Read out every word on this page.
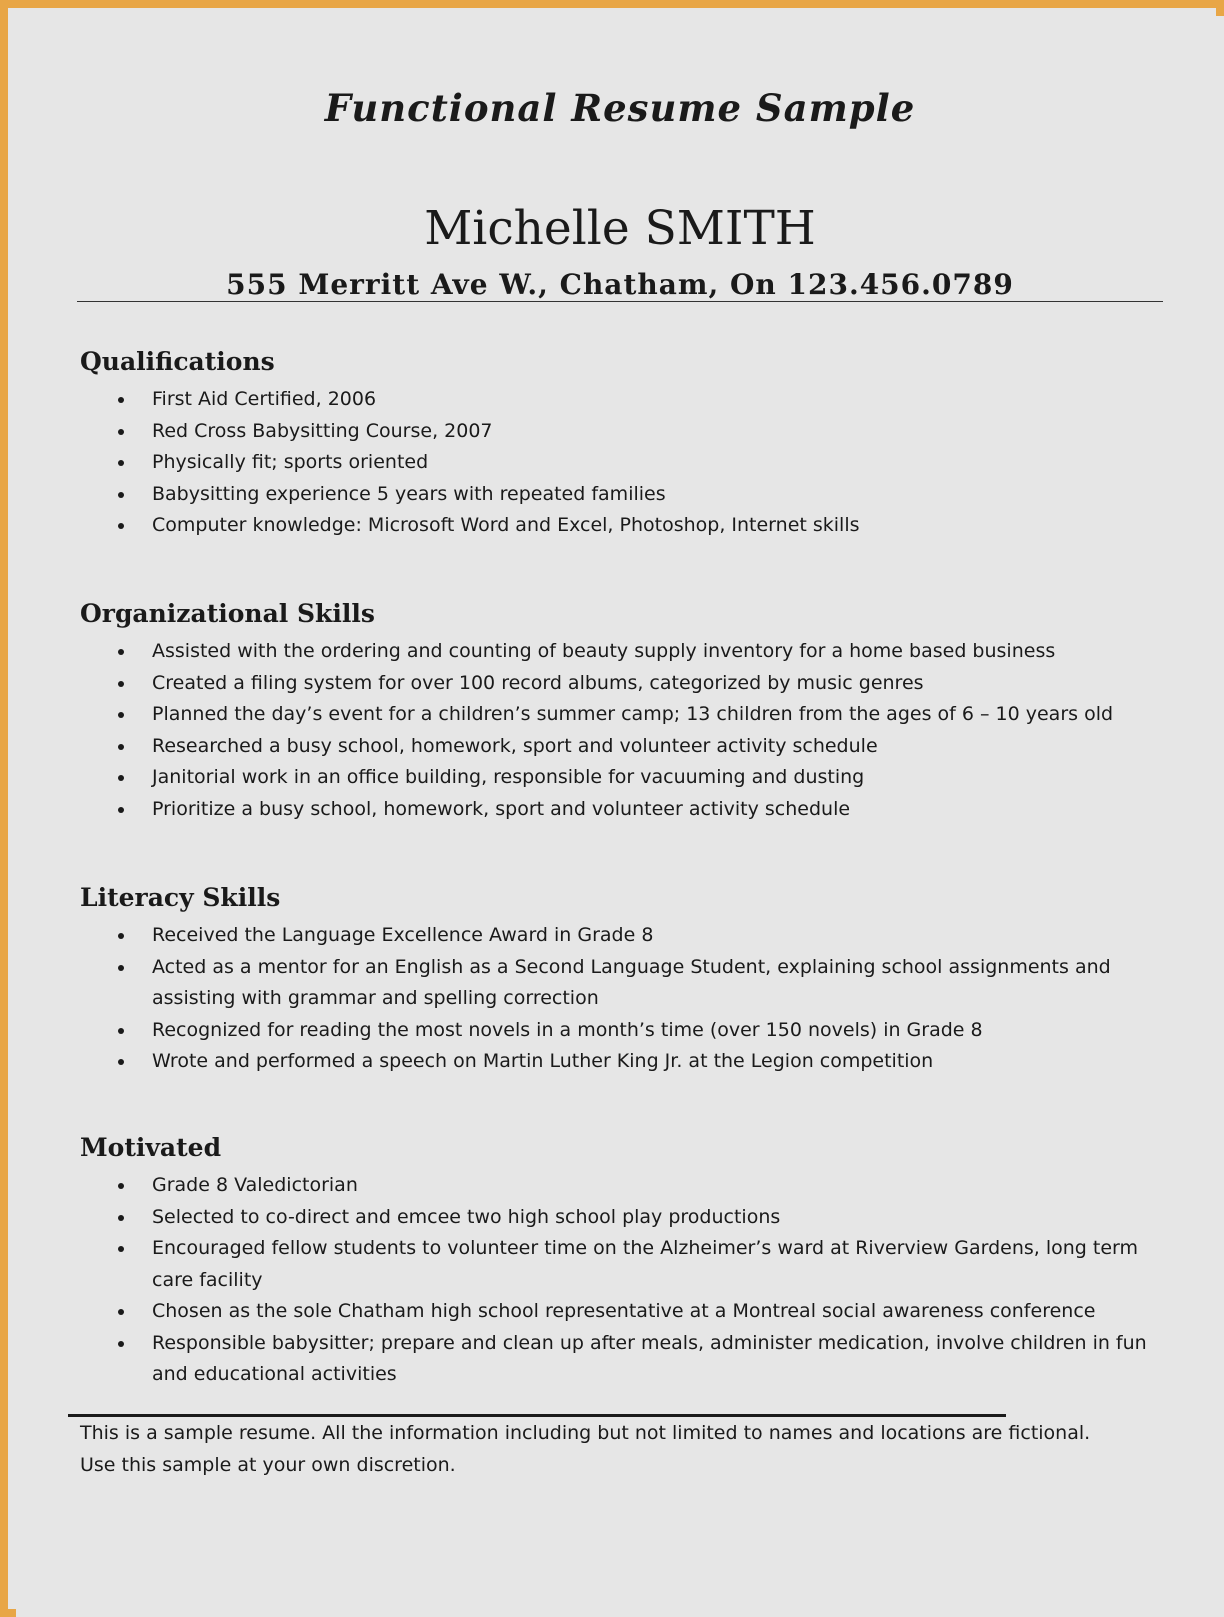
Functional Resume Sample
Michelle SMITH
555 Merritt Ave W., Chatham, On 123.456.0789
Qualifications
First Aid Certified, 2006
Red Cross Babysitting Course, 2007
Physically fit; sports oriented
Babysitting experience 5 years with repeated families
Computer knowledge: Microsoft Word and Excel, Photoshop, Internet skills
Organizational Skills
Assisted with the ordering and counting of beauty supply inventory for a home based business
Created a filing system for over 100 record albums, categorized by music genres
Planned the day’s event for a children’s summer camp; 13 children from the ages of 6 – 10 years old
Researched a busy school, homework, sport and volunteer activity schedule
Janitorial work in an office building, responsible for vacuuming and dusting
Prioritize a busy school, homework, sport and volunteer activity schedule
Literacy Skills
Received the Language Excellence Award in Grade 8
Acted as a mentor for an English as a Second Language Student, explaining school assignments and assisting with grammar and spelling correction
Recognized for reading the most novels in a month’s time (over 150 novels) in Grade 8
Wrote and performed a speech on Martin Luther King Jr. at the Legion competition
Motivated
Grade 8 Valedictorian
Selected to co-direct and emcee two high school play productions
Encouraged fellow students to volunteer time on the Alzheimer’s ward at Riverview Gardens, long term care facility
Chosen as the sole Chatham high school representative at a Montreal social awareness conference
Responsible babysitter; prepare and clean up after meals, administer medication, involve children in fun and educational activities
This is a sample resume. All the information including but not limited to names and locations are fictional.
Use this sample at your own discretion.
